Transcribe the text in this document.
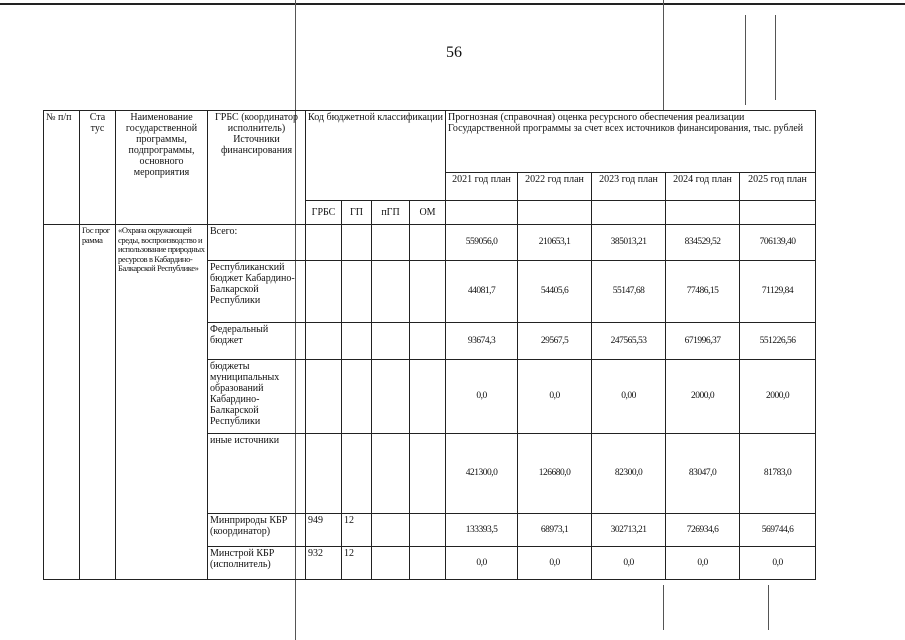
56
№ п/п	Ста тус	Наименование государственной программы, подпрограммы, основного мероприятия	ГРБС (координатор исполнитель) Источники финансирования	Код бюджетной классификации				Прогнозная (справочная) оценка ресурсного обеспечения реализации Государственной программы за счет всех источников финансирования, тыс. рублей				
								2021 год план	2022 год план	2023 год план	2024 год план	2025 год план
				ГРБС	ГП	пГП	ОМ					
	Гос прог рамма	«Охрана окружающей среды, воспроизводство и использование природных ресурсов в Кабардино-Балкарской Республике»	Всего:					559056,0	210653,1	385013,21	834529,52	706139,40
			Республиканский бюджет Кабардино-Балкарской Республики					44081,7	54405,6	55147,68	77486,15	71129,84
			Федеральный бюджет					93674,3	29567,5	247565,53	671996,37	551226,56
			бюджеты муниципальных образований Кабардино-Балкарской Республики					0,0	0,0	0,00	2000,0	2000,0
			иные источники					421300,0	126680,0	82300,0	83047,0	81783,0
			Минприроды КБР (координатор)	949	12			133393,5	68973,1	302713,21	726934,6	569744,6
			Минстрой КБР (исполнитель)	932	12			0,0	0,0	0,0	0,0	0,0
